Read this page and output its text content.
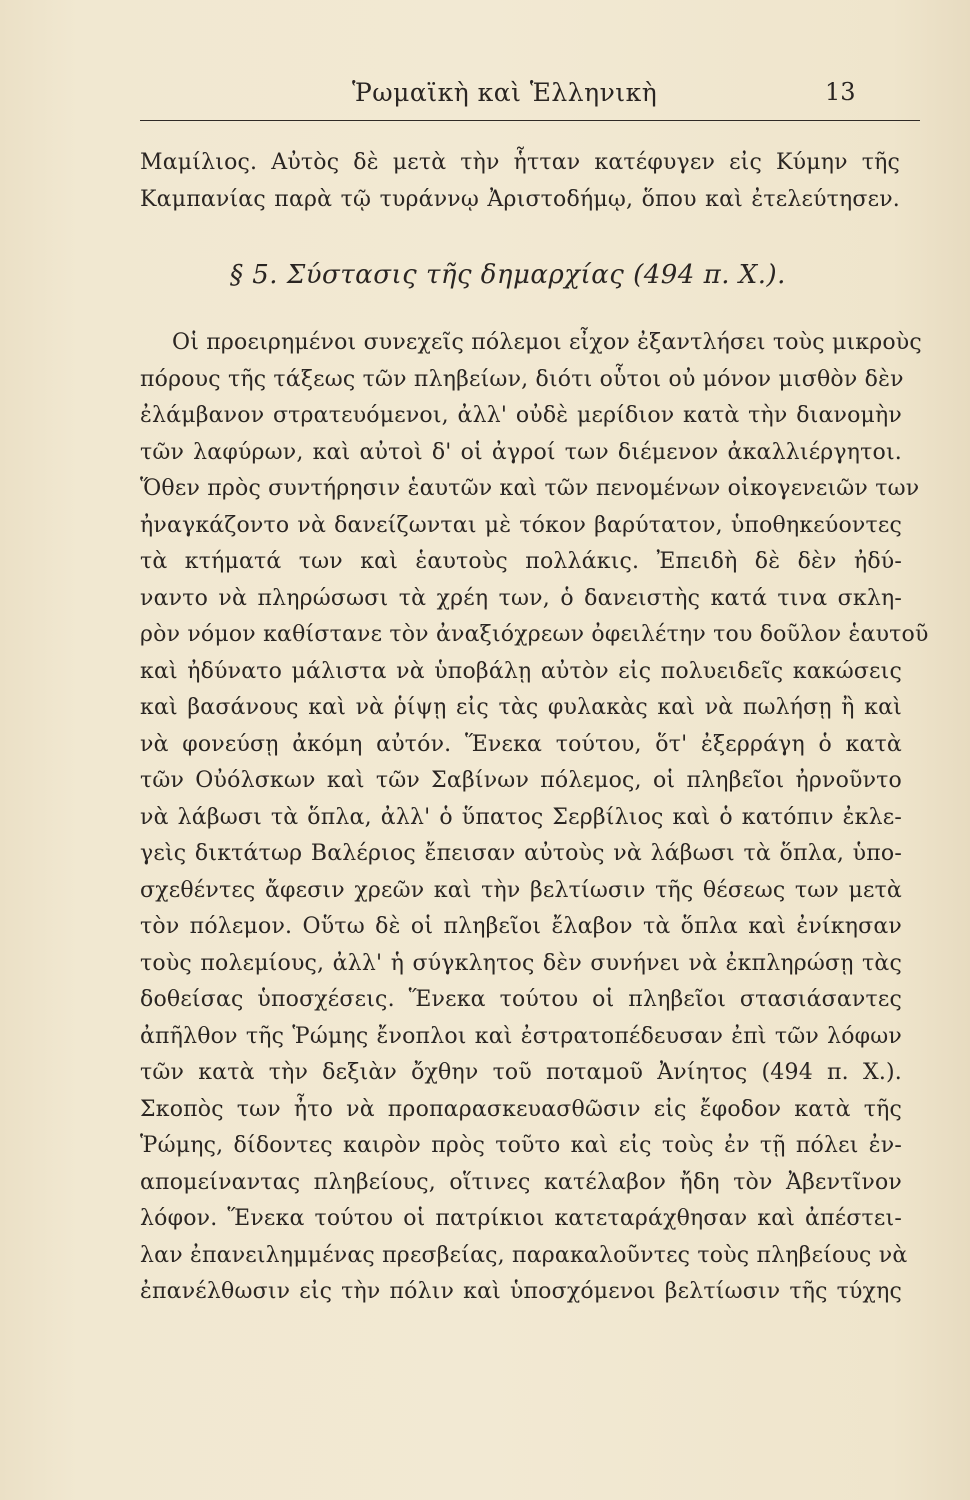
Ῥωμαϊκὴ καὶ Ἑλληνικὴ	13
Μαμίλιος. Αὐτὸς δὲ μετὰ τὴν ἧτταν κατέφυγεν εἰς Κύμην τῆς
Καμπανίας παρὰ τῷ τυράννῳ Ἀριστοδήμῳ, ὅπου καὶ ἐτελεύτησεν.
§ 5. Σύστασις τῆς δημαρχίας (494 π. Χ.).
Οἱ προειρημένοι συνεχεῖς πόλεμοι εἶχον ἐξαντλήσει τοὺς μικροὺς
πόρους τῆς τάξεως τῶν πληβείων, διότι οὗτοι οὐ μόνον μισθὸν δὲν
ἐλάμβανον στρατευόμενοι, ἀλλ' οὐδὲ μερίδιον κατὰ τὴν διανομὴν
τῶν λαφύρων, καὶ αὐτοὶ δ' οἱ ἀγροί των διέμενον ἀκαλλιέργητοι.
Ὅθεν πρὸς συντήρησιν ἑαυτῶν καὶ τῶν πενομένων οἰκογενειῶν των
ἠναγκάζοντο νὰ δανείζωνται μὲ τόκον βαρύτατον, ὑποθηκεύοντες
τὰ κτήματά των καὶ ἑαυτοὺς πολλάκις. Ἐπειδὴ δὲ δὲν ἠδύ-
ναντο νὰ πληρώσωσι τὰ χρέη των, ὁ δανειστὴς κατά τινα σκλη-
ρὸν νόμον καθίστανε τὸν ἀναξιόχρεων ὀφειλέτην του δοῦλον ἑαυτοῦ
καὶ ἠδύνατο μάλιστα νὰ ὑποβάλῃ αὐτὸν εἰς πολυειδεῖς κακώσεις
καὶ βασάνους καὶ νὰ ῥίψῃ εἰς τὰς φυλακὰς καὶ νὰ πωλήσῃ ἢ καὶ
νὰ φονεύσῃ ἀκόμη αὐτόν. Ἕνεκα τούτου, ὅτ' ἐξερράγη ὁ κατὰ
τῶν Οὐόλσκων καὶ τῶν Σαβίνων πόλεμος, οἱ πληβεῖοι ἠρνοῦντο
νὰ λάβωσι τὰ ὅπλα, ἀλλ' ὁ ὕπατος Σερβίλιος καὶ ὁ κατόπιν ἐκλε-
γεὶς δικτάτωρ Βαλέριος ἔπεισαν αὐτοὺς νὰ λάβωσι τὰ ὅπλα, ὑπο-
σχεθέντες ἄφεσιν χρεῶν καὶ τὴν βελτίωσιν τῆς θέσεως των μετὰ
τὸν πόλεμον. Οὕτω δὲ οἱ πληβεῖοι ἔλαβον τὰ ὅπλα καὶ ἐνίκησαν
τοὺς πολεμίους, ἀλλ' ἡ σύγκλητος δὲν συνήνει νὰ ἐκπληρώσῃ τὰς
δοθείσας ὑποσχέσεις. Ἕνεκα τούτου οἱ πληβεῖοι στασιάσαντες
ἀπῆλθον τῆς Ῥώμης ἔνοπλοι καὶ ἐστρατοπέδευσαν ἐπὶ τῶν λόφων
τῶν κατὰ τὴν δεξιὰν ὄχθην τοῦ ποταμοῦ Ἀνίητος (494 π. Χ.).
Σκοπὸς των ἦτο νὰ προπαρασκευασθῶσιν εἰς ἔφοδον κατὰ τῆς
Ῥώμης, δίδοντες καιρὸν πρὸς τοῦτο καὶ εἰς τοὺς ἐν τῇ πόλει ἐν-
απομείναντας πληβείους, οἵτινες κατέλαβον ἤδη τὸν Ἀβεντῖνον
λόφον. Ἕνεκα τούτου οἱ πατρίκιοι κατεταράχθησαν καὶ ἀπέστει-
λαν ἐπανειλημμένας πρεσβείας, παρακαλοῦντες τοὺς πληβείους νὰ
ἐπανέλθωσιν εἰς τὴν πόλιν καὶ ὑποσχόμενοι βελτίωσιν τῆς τύχης
